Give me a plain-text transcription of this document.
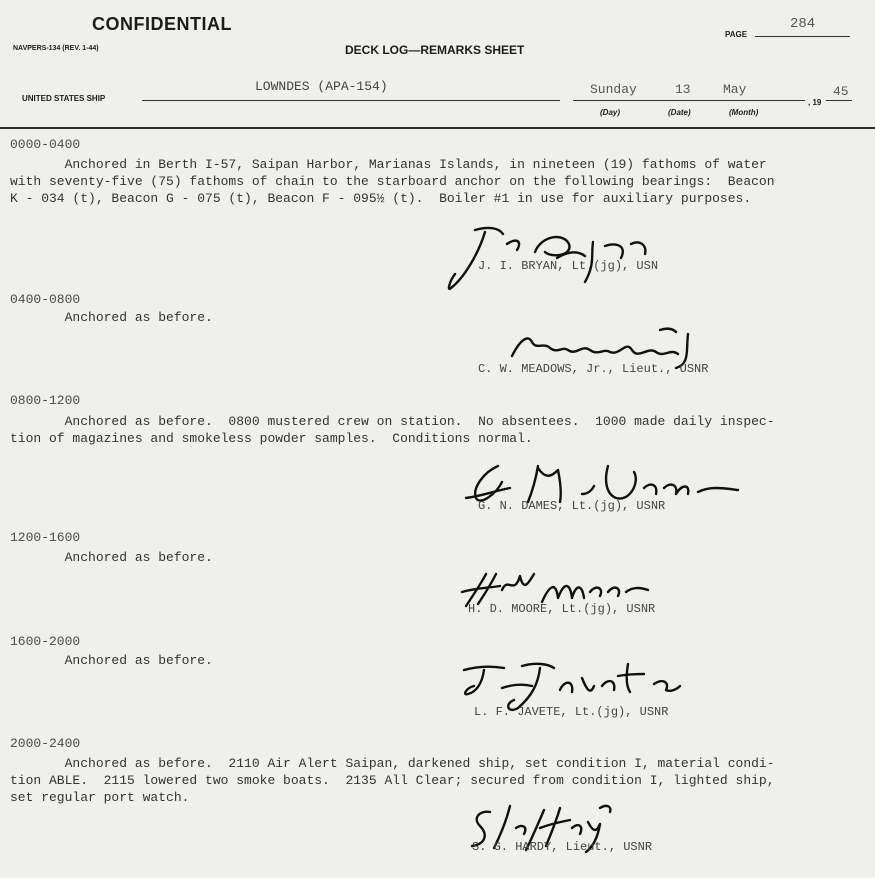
CONFIDENTIAL
NAVPERS-134 (REV. 1-44)	DECK LOG—REMARKS SHEET
PAGE
284
UNITED STATES SHIP
LOWNDES (APA-154)	Sunday	13 May
, 19
45
(Day)	(Date)	(Month)
0000-0400
Anchored in Berth I-57, Saipan Harbor, Marianas Islands, in nineteen (19) fathoms of water
with seventy-five (75) fathoms of chain to the starboard anchor on the following bearings:  Beacon
K - 034 (t), Beacon G - 075 (t), Beacon F - 095½ (t).  Boiler #1 in use for auxiliary purposes.
J. I. BRYAN, Lt.(jg), USN
0400-0800
Anchored as before.
C. W. MEADOWS, Jr., Lieut., USNR
0800-1200
Anchored as before.  0800 mustered crew on station.  No absentees.  1000 made daily inspec-
tion of magazines and smokeless powder samples.  Conditions normal.
G. N. DAMES, Lt.(jg), USNR
1200-1600
Anchored as before.
H. D. MOORE, Lt.(jg), USNR
1600-2000
Anchored as before.
L. F. JAVETE, Lt.(jg), USNR
2000-2400
Anchored as before.  2110 Air Alert Saipan, darkened ship, set condition I, material condi-
tion ABLE.  2115 lowered two smoke boats.  2135 All Clear; secured from condition I, lighted ship,
set regular port watch.
S. G. HARDY, Lieut., USNR
